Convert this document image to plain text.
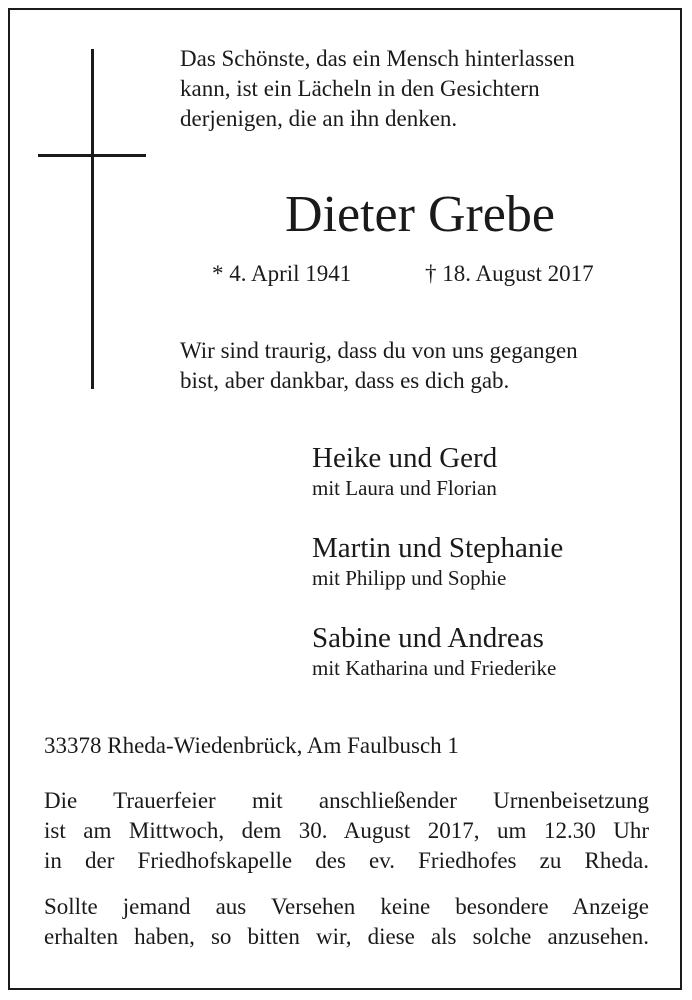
Das Schönste, das ein Mensch hinterlassen
kann, ist ein Lächeln in den Gesichtern
derjenigen, die an ihn denken.
Dieter Grebe
* 4. April 1941	† 18. August 2017
Wir sind traurig, dass du von uns gegangen
bist, aber dankbar, dass es dich gab.
Heike und Gerd
mit Laura und Florian
Martin und Stephanie
mit Philipp und Sophie
Sabine und Andreas
mit Katharina und Friederike
33378 Rheda-Wiedenbrück, Am Faulbusch 1
Die Trauerfeier mit anschließender Urnenbeisetzung
ist am Mittwoch, dem 30. August 2017, um 12.30 Uhr
in der Friedhofskapelle des ev. Friedhofes zu Rheda.
Sollte jemand aus Versehen keine besondere Anzeige
erhalten haben, so bitten wir, diese als solche anzusehen.
